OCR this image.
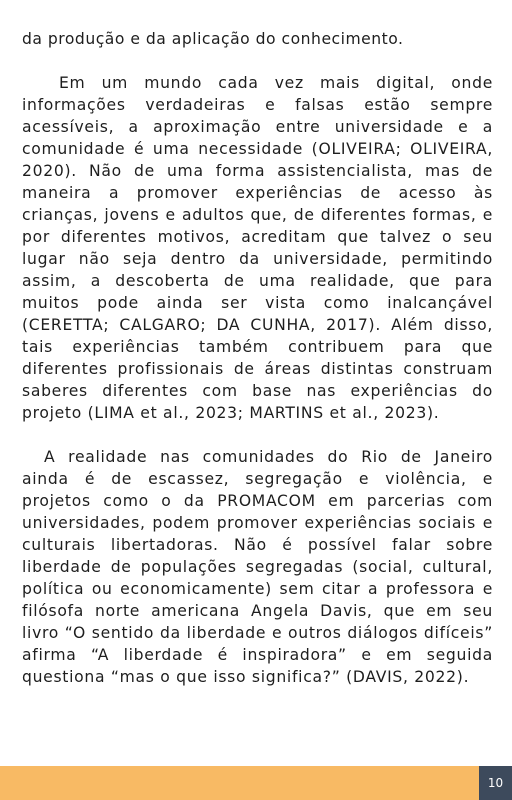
da produção e da aplicação do conhecimento.

Em um mundo cada vez mais digital, onde informações verdadeiras e falsas estão sempre acessíveis, a aproximação entre universidade e a comunidade é uma necessidade (OLIVEIRA; OLIVEIRA, 2020). Não de uma forma assistencialista, mas de maneira a promover experiências de acesso às crianças, jovens e adultos que, de diferentes formas, e por diferentes motivos, acreditam que talvez o seu lugar não seja dentro da universidade, permitindo assim, a descoberta de uma realidade, que para muitos pode ainda ser vista como inalcançável (CERETTA; CALGARO; DA CUNHA, 2017). Além disso, tais experiências também contribuem para que diferentes profissionais de áreas distintas construam saberes diferentes com base nas experiências do projeto (LIMA et al., 2023; MARTINS et al., 2023).

A realidade nas comunidades do Rio de Janeiro ainda é de escassez, segregação e violência, e projetos como o da PROMACOM em parcerias com universidades, podem promover experiências sociais e culturais libertadoras. Não é possível falar sobre liberdade de populações segregadas (social, cultural, política ou economicamente) sem citar a professora e filósofa norte americana Angela Davis, que em seu livro “O sentido da liberdade e outros diálogos difíceis” afirma “A liberdade é inspiradora” e em seguida questiona “mas o que isso significa?” (DAVIS, 2022).

10
